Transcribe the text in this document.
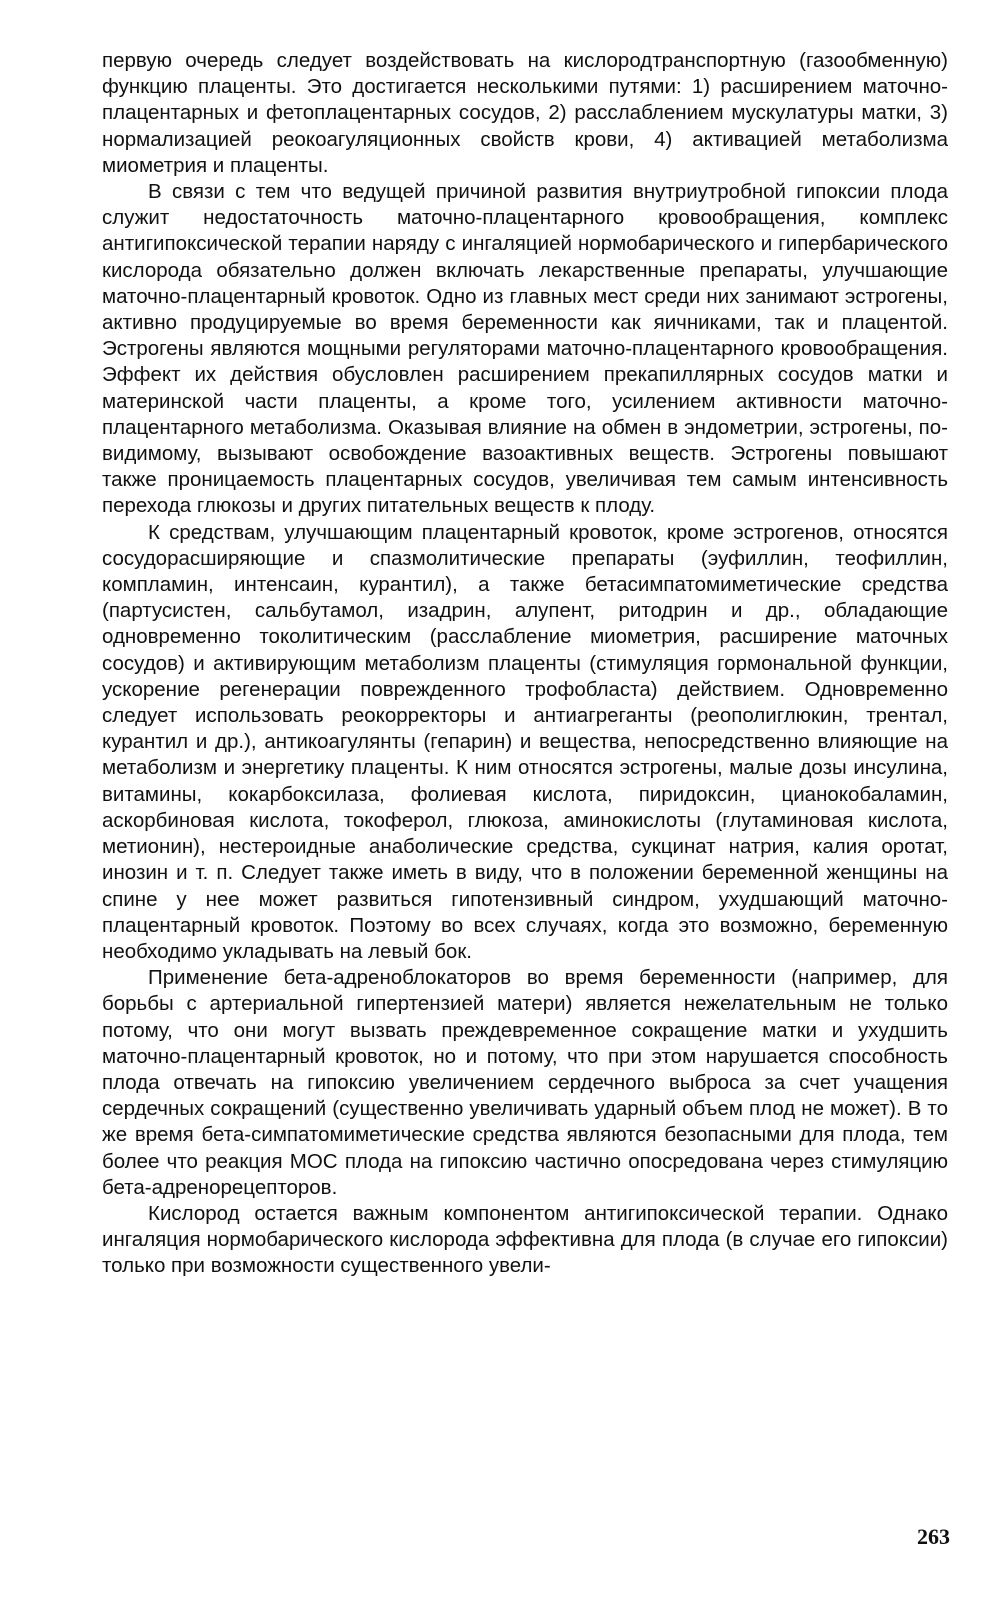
первую очередь следует воздействовать на кислородтранспортную (газообменную) функцию плаценты. Это достигается несколькими путями: 1) расширением маточно-плацентарных и фетоплацентарных сосудов, 2) расслаблением мускулатуры матки, 3) нормализацией реокоагуляционных свойств крови, 4) активацией метаболизма миометрия и плаценты.

В связи с тем что ведущей причиной развития внутриутробной гипоксии плода служит недостаточность маточно-плацентарного кровообращения, комплекс антигипоксической терапии наряду с ингаляцией нормобарического и гипербарического кислорода обязательно должен включать лекарственные препараты, улучшающие маточно-плацентарный кровоток. Одно из главных мест среди них занимают эстрогены, активно продуцируемые во время беременности как яичниками, так и плацентой. Эстрогены являются мощными регуляторами маточно-плацентарного кровообращения. Эффект их действия обусловлен расширением прекапиллярных сосудов матки и материнской части плаценты, а кроме того, усилением активности маточно-плацентарного метаболизма. Оказывая влияние на обмен в эндометрии, эстрогены, по-видимому, вызывают освобождение вазоактивных веществ. Эстрогены повышают также проницаемость плацентарных сосудов, увеличивая тем самым интенсивность перехода глюкозы и других питательных веществ к плоду.

К средствам, улучшающим плацентарный кровоток, кроме эстрогенов, относятся сосудорасширяющие и спазмолитические препараты (эуфиллин, теофиллин, компламин, интенсаин, курантил), а также бетасимпатомиметические средства (партусистен, сальбутамол, изадрин, алупент, ритодрин и др., обладающие одновременно токолитическим (расслабление миометрия, расширение маточных сосудов) и активирующим метаболизм плаценты (стимуляция гормональной функции, ускорение регенерации поврежденного трофобласта) действием. Одновременно следует использовать реокорректоры и антиагреганты (реополиглюкин, трентал, курантил и др.), антикоагулянты (гепарин) и вещества, непосредственно влияющие на метаболизм и энергетику плаценты. К ним относятся эстрогены, малые дозы инсулина, витамины, кокарбоксилаза, фолиевая кислота, пиридоксин, цианокобаламин, аскорбиновая кислота, токоферол, глюкоза, аминокислоты (глутаминовая кислота, метионин), нестероидные анаболические средства, сукцинат натрия, калия оротат, инозин и т. п. Следует также иметь в виду, что в положении беременной женщины на спине у нее может развиться гипотензивный синдром, ухудшающий маточно-плацентарный кровоток. Поэтому во всех случаях, когда это возможно, беременную необходимо укладывать на левый бок.

Применение бета-адреноблокаторов во время беременности (например, для борьбы с артериальной гипертензией матери) является нежелательным не только потому, что они могут вызвать преждевременное сокращение матки и ухудшить маточно-плацентарный кровоток, но и потому, что при этом нарушается способность плода отвечать на гипоксию увеличением сердечного выброса за счет учащения сердечных сокращений (существенно увеличивать ударный объем плод не может). В то же время бета-симпатомиметические средства являются безопасными для плода, тем более что реакция МОС плода на гипоксию частично опосредована через стимуляцию бета-адренорецепторов.

Кислород остается важным компонентом антигипоксической терапии. Однако ингаляция нормобарического кислорода эффективна для плода (в случае его гипоксии) только при возможности существенного увели-

263
